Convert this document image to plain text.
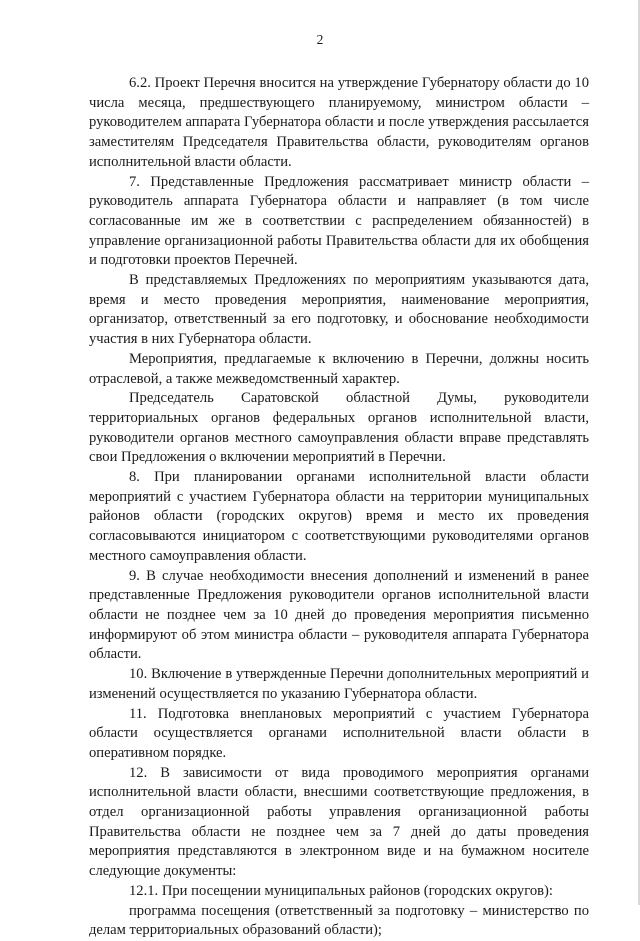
2

6.2. Проект Перечня вносится на утверждение Губернатору области до 10 числа месяца, предшествующего планируемому, министром области – руководителем аппарата Губернатора области и после утверждения рассылается заместителям Председателя Правительства области, руководителям органов исполнительной власти области.

7. Представленные Предложения рассматривает министр области – руководитель аппарата Губернатора области и направляет (в том числе согласованные им же в соответствии с распределением обязанностей) в управление организационной работы Правительства области для их обобщения и подготовки проектов Перечней.

В представляемых Предложениях по мероприятиям указываются дата, время и место проведения мероприятия, наименование мероприятия, организатор, ответственный за его подготовку, и обоснование необходимости участия в них Губернатора области.

Мероприятия, предлагаемые к включению в Перечни, должны носить отраслевой, а также межведомственный характер.

Председатель Саратовской областной Думы, руководители территориальных органов федеральных органов исполнительной власти, руководители органов местного самоуправления области вправе представлять свои Предложения о включении мероприятий в Перечни.

8. При планировании органами исполнительной власти области мероприятий с участием Губернатора области на территории муниципальных районов области (городских округов) время и место их проведения согласовываются инициатором с соответствующими руководителями органов местного самоуправления области.

9. В случае необходимости внесения дополнений и изменений в ранее представленные Предложения руководители органов исполнительной власти области не позднее чем за 10 дней до проведения мероприятия письменно информируют об этом министра области – руководителя аппарата Губернатора области.

10. Включение в утвержденные Перечни дополнительных мероприятий и изменений осуществляется по указанию Губернатора области.

11. Подготовка внеплановых мероприятий с участием Губернатора области осуществляется органами исполнительной власти области в оперативном порядке.

12. В зависимости от вида проводимого мероприятия органами исполнительной власти области, внесшими соответствующие предложения, в отдел организационной работы управления организационной работы Правительства области не позднее чем за 7 дней до даты проведения мероприятия представляются в электронном виде и на бумажном носителе следующие документы:

12.1. При посещении муниципальных районов (городских округов):

программа посещения (ответственный за подготовку – министерство по делам территориальных образований области);
